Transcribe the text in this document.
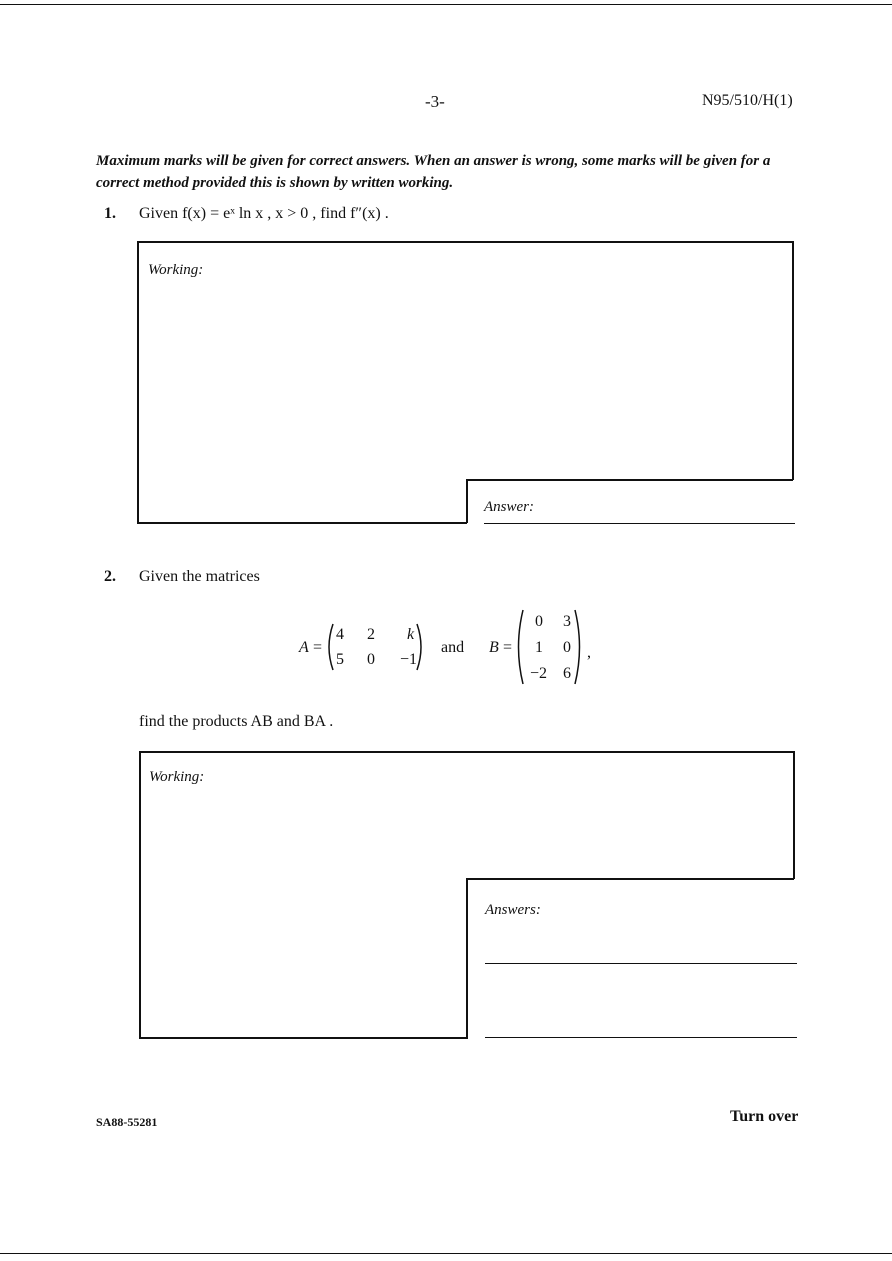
-3-	N95/510/H(1)
Maximum marks will be given for correct answers. When an answer is wrong, some marks will be given for a correct method provided this is shown by written working.
1. Given f(x) = eˣ ln x , x > 0 , find f″(x) .
Working:
Answer:
2. Given the matrices
A =
4 2 k
5 0 −1
and B =
0 3
1 0
−2 6
,
find the products AB and BA .
Working:
Answers:
SA88-55281	Turn over
